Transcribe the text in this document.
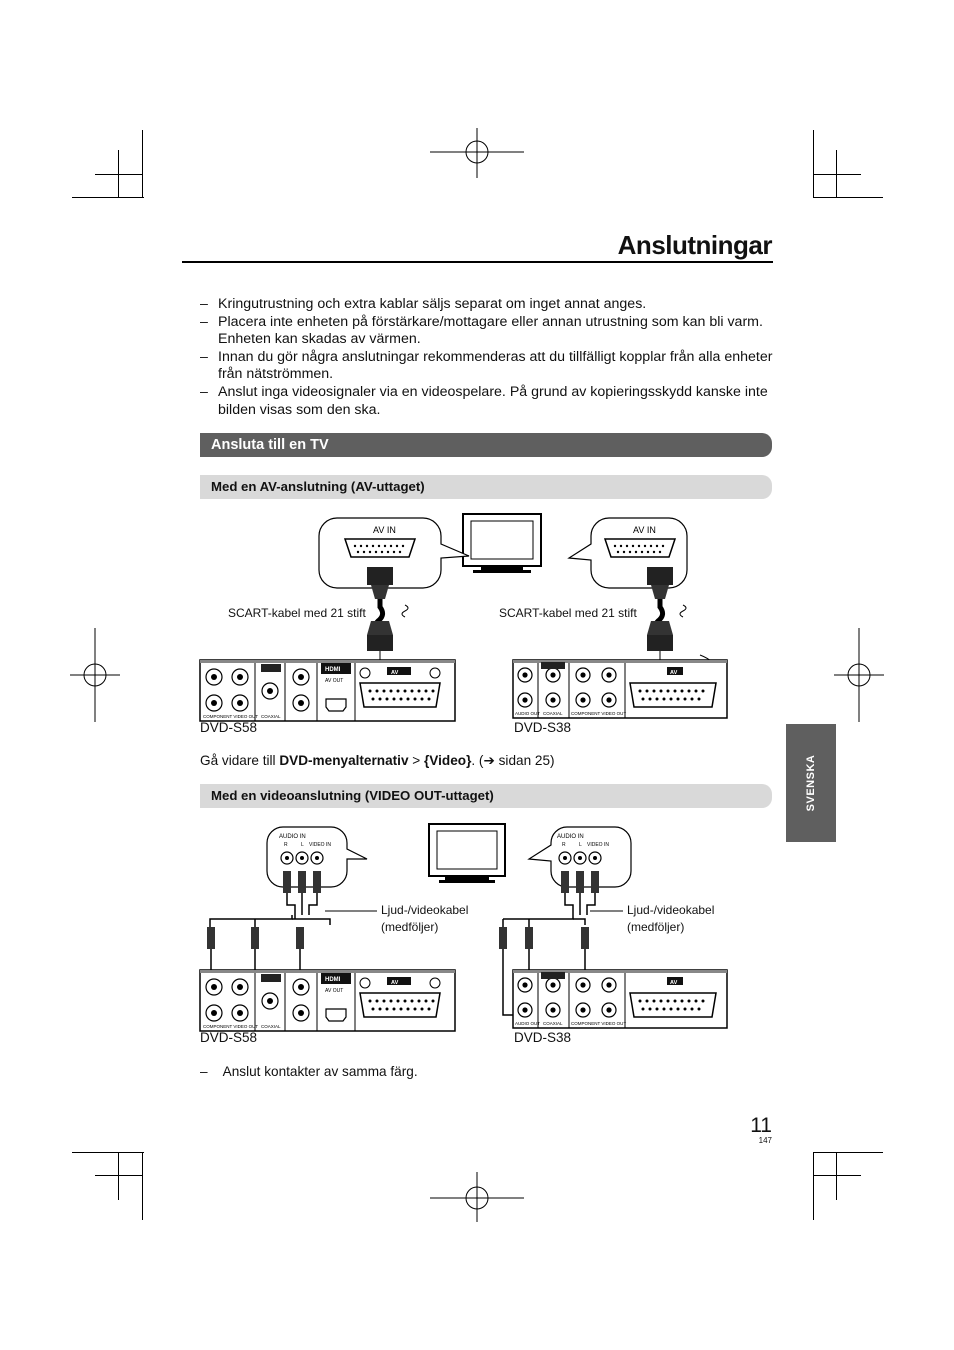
Anslutningar

– Kringutrustning och extra kablar säljs separat om inget annat anges.

– Placera inte enheten på förstärkare/mottagare eller annan utrustning som kan bli varm. Enheten kan skadas av värmen.

– Innan du gör några anslutningar rekommenderas att du tillfälligt kopplar från alla enheter från nätströmmen.

– Anslut inga videosignaler via en videospelare. På grund av kopieringsskydd kanske inte bilden visas som den ska.

Ansluta till en TV
Med en AV-anslutning (AV-uttaget)
Med en videoanslutning (VIDEO OUT-uttaget)
AV IN	AV IN
HDMI
AV OUT
COAXIAL
COMPONENT VIDEO OUT
AV
AUDIO OUT COAXIAL COMPONENT VIDEO OUT
AV
SCART-kabel med 21 stift	SCART-kabel med 21 stift
DVD-S58	DVD-S38
Gå vidare till DVD-menyalternativ > {Video}. (➔ sidan 25)
AUDIO IN
R	L VIDEO IN
AUDIO IN
R	L VIDEO IN
HDMI
AV OUT
COAXIAL
COMPONENT VIDEO OUT
AV
AUDIO OUT COAXIAL COMPONENT VIDEO OUT
AV
Ljud-/videokabel
(medföljer)
Ljud-/videokabel
(medföljer)
DVD-S58	DVD-S38
– Anslut kontakter av samma färg.
SVENSKA
11
147
